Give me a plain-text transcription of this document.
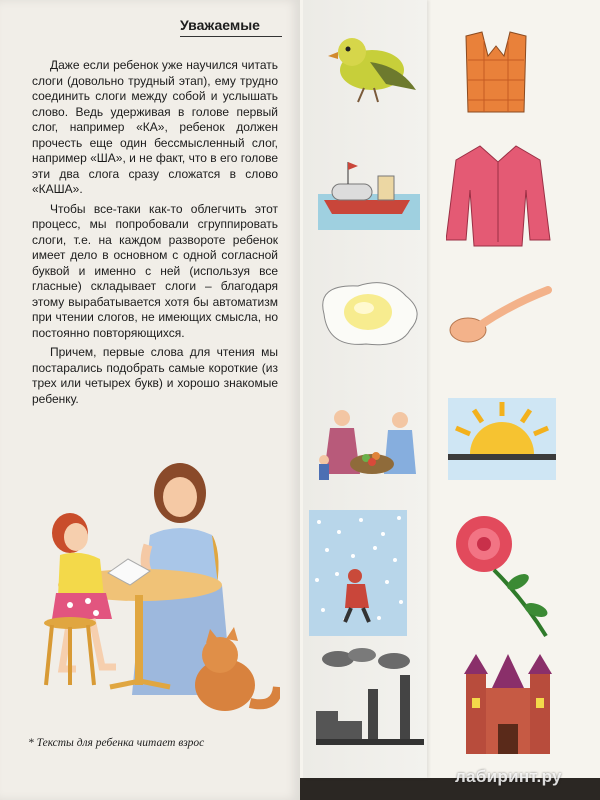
Уважаемые

Даже если ребенок уже научился читать слоги (довольно трудный этап), ему трудно соединить слоги между собой и услышать слово. Ведь удерживая в голове первый слог, например «КА», ребенок должен прочесть еще один бессмысленный слог, например «ША», и не факт, что в его голове эти два слога сразу сложатся в слово «КАША».

Чтобы все-таки как-то облегчить этот процесс, мы попробовали сгруппировать слоги, т.е. на каждом развороте ребенок имеет дело в основном с одной согласной буквой и именно с ней (используя все гласные) складывает слоги – благодаря этому вырабатывается хотя бы автоматизм при чтении слогов, не имеющих смысла, но постоянно повторяющихся.

Причем, первые слова для чтения мы постарались подобрать самые короткие (из трех или четырех букв) и хорошо знакомые ребенку.

* Тексты для ребенка читает взрос
лабиринт.ру
